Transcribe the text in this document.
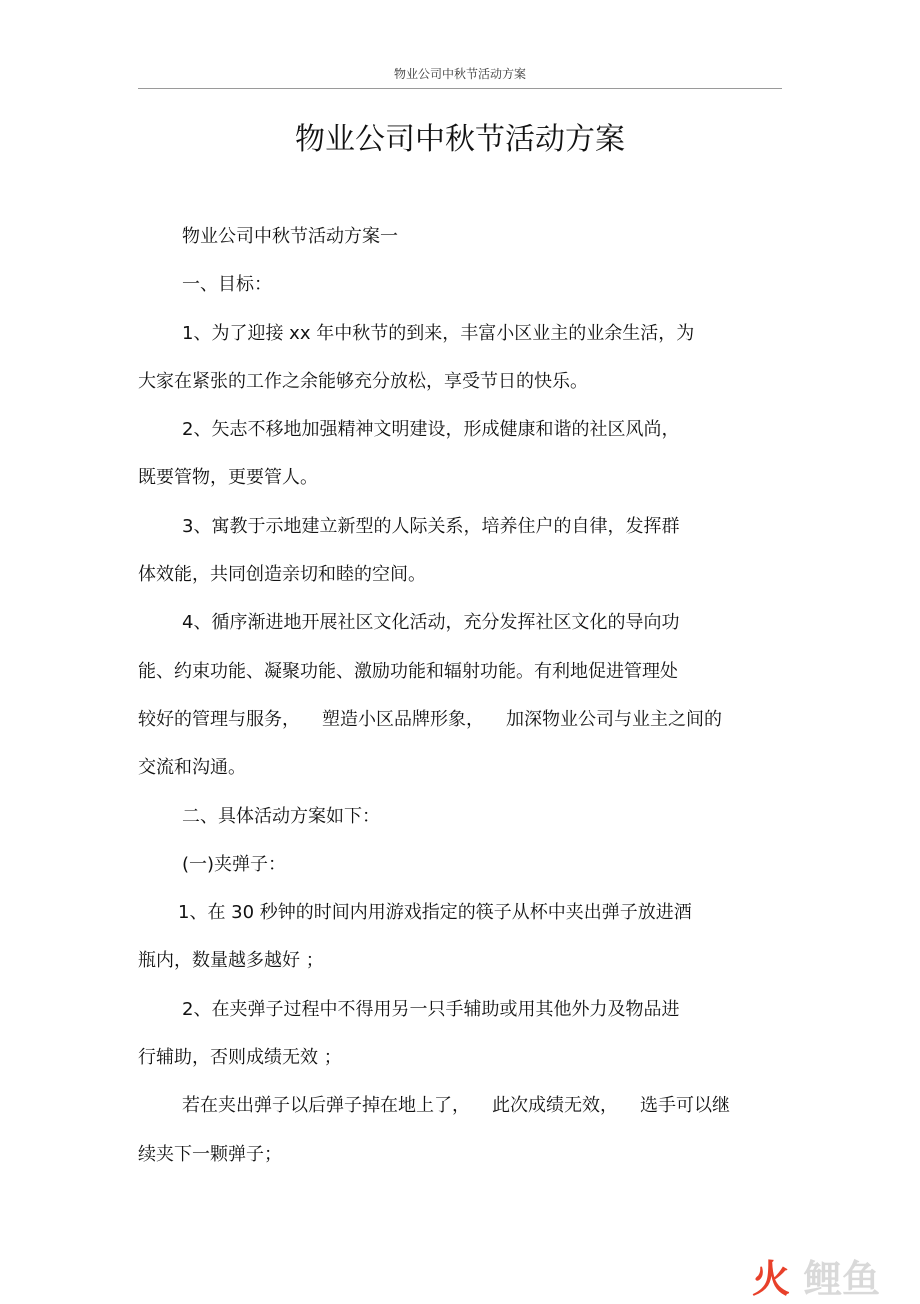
物业公司中秋节活动方案
物业公司中秋节活动方案

物业公司中秋节活动方案一

一、目标：

1、为了迎接 xx 年中秋节的到来，丰富小区业主的业余生活，为

大家在紧张的工作之余能够充分放松，享受节日的快乐。

2、矢志不移地加强精神文明建设，形成健康和谐的社区风尚，

既要管物，更要管人。

3、寓教于示地建立新型的人际关系，培养住户的自律，发挥群

体效能，共同创造亲切和睦的空间。

4、循序渐进地开展社区文化活动，充分发挥社区文化的导向功

能、约束功能、凝聚功能、激励功能和辐射功能。有利地促进管理处

较好的管理与服务， 塑造小区品牌形象， 加深物业公司与业主之间的

交流和沟通。

二、具体活动方案如下：

(一)夹弹子：

1、在 30 秒钟的时间内用游戏指定的筷子从杯中夹出弹子放进酒

瓶内，数量越多越好 ；

2、在夹弹子过程中不得用另一只手辅助或用其他外力及物品进

行辅助，否则成绩无效 ；

若在夹出弹子以后弹子掉在地上了， 此次成绩无效， 选手可以继

续夹下一颗弹子；

火 鲤鱼
